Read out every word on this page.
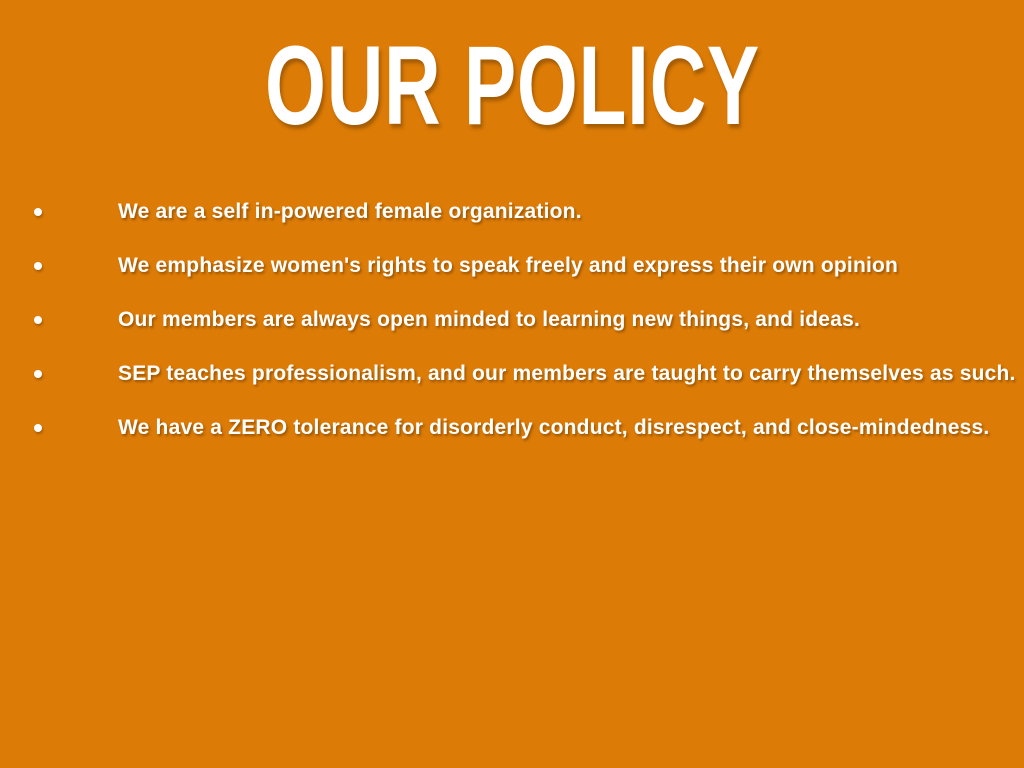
OUR POLICY
We are a self in-powered female organization.
We emphasize women's rights to speak freely and express their own opinion
Our members are always open minded to learning new things, and ideas.
SEP teaches professionalism, and our members are taught to carry themselves as such.
We have a ZERO tolerance for disorderly conduct, disrespect, and close-mindedness.
